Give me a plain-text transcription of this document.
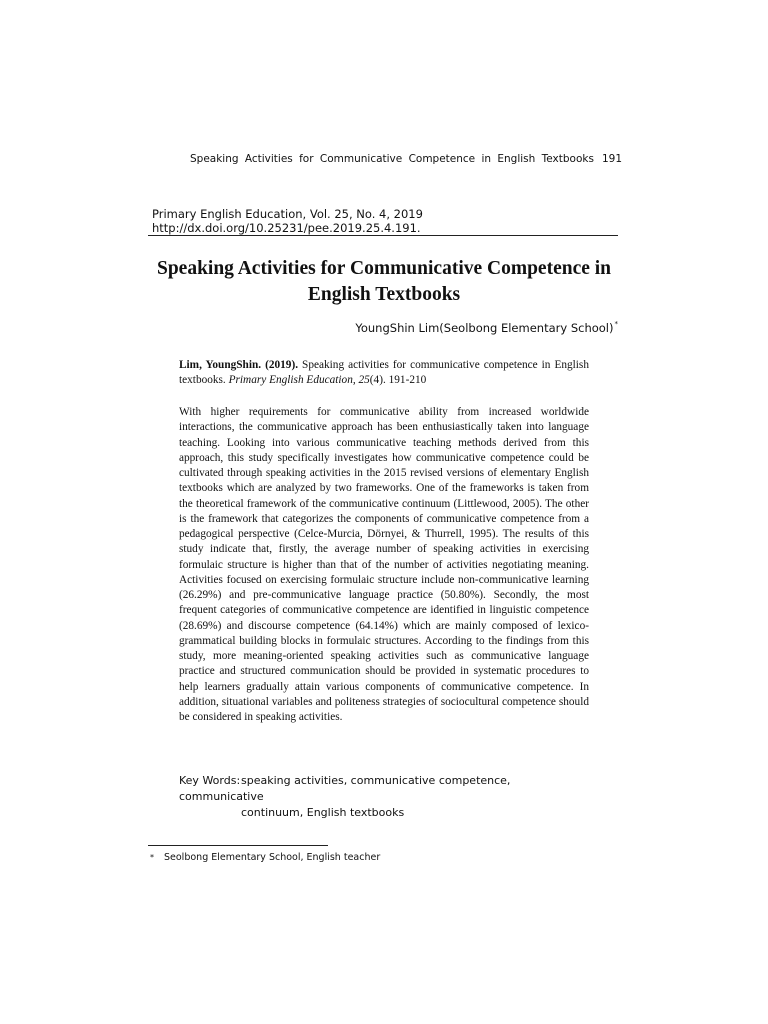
Speaking Activities for Communicative Competence in English Textbooks 191
Primary English Education, Vol. 25, No. 4, 2019
http://dx.doi.org/10.25231/pee.2019.25.4.191.
Speaking Activities for Communicative Competence in
English Textbooks
YoungShin Lim(Seolbong Elementary School)*
Lim, YoungShin. (2019). Speaking activities for communicative competence in English textbooks. Primary English Education, 25(4). 191-210
With higher requirements for communicative ability from increased worldwide interactions, the communicative approach has been enthusiastically taken into language teaching. Looking into various communicative teaching methods derived from this approach, this study specifically investigates how communicative competence could be cultivated through speaking activities in the 2015 revised versions of elementary English textbooks which are analyzed by two frameworks. One of the frameworks is taken from the theoretical framework of the communicative continuum (Littlewood, 2005). The other is the framework that categorizes the components of communicative competence from a pedagogical perspective (Celce-Murcia, Dörnyei, & Thurrell, 1995). The results of this study indicate that, firstly, the average number of speaking activities in exercising formulaic structure is higher than that of the number of activities negotiating meaning. Activities focused on exercising formulaic structure include non-communicative learning (26.29%) and pre-communicative language practice (50.80%). Secondly, the most frequent categories of communicative competence are identified in linguistic competence (28.69%) and discourse competence (64.14%) which are mainly composed of lexico-grammatical building blocks in formulaic structures. According to the findings from this study, more meaning-oriented speaking activities such as communicative language practice and structured communication should be provided in systematic procedures to help learners gradually attain various components of communicative competence. In addition, situational variables and politeness strategies of sociocultural competence should be considered in speaking activities.
Key Words:speaking activities, communicative competence, communicative
continuum, English textbooks
* Seolbong Elementary School, English teacher
